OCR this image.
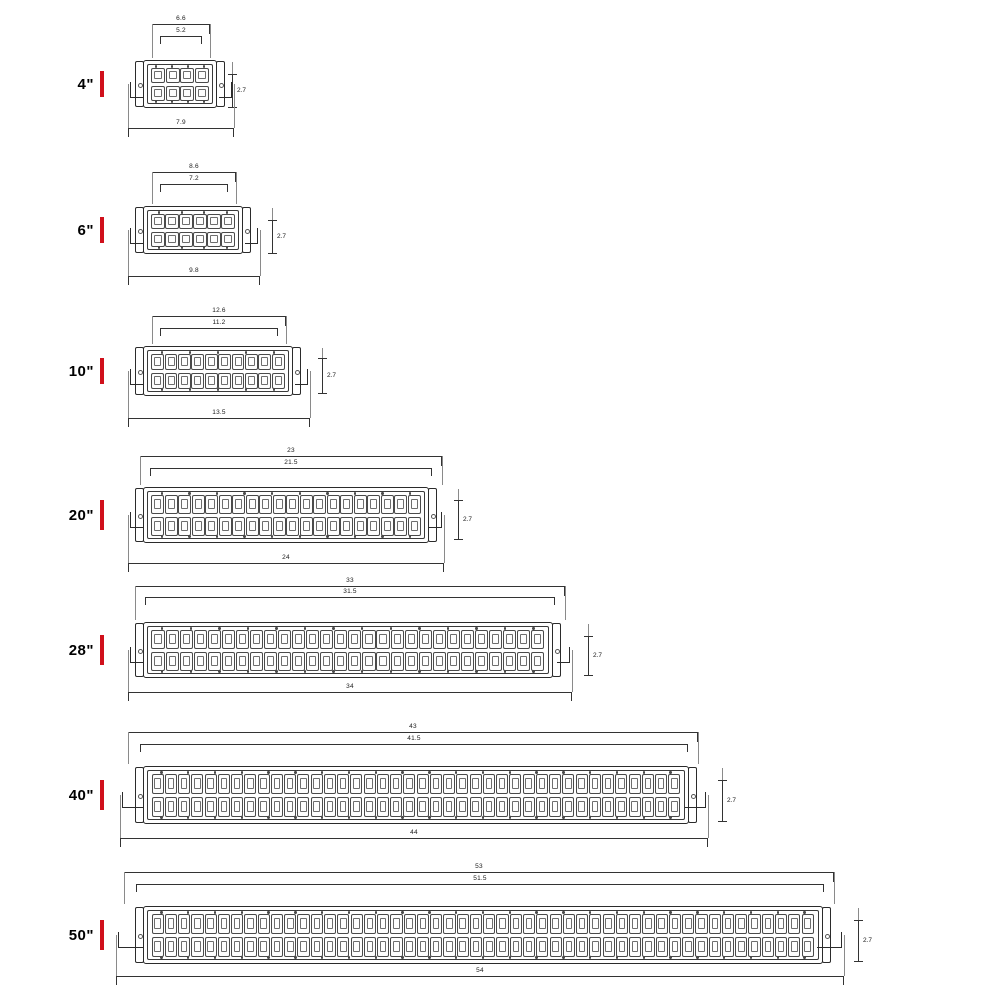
4"
6.6
5.2
7.9
2.7
6"
8.6
7.2
9.8
2.7
10"
12.6
11.2
13.5
2.7
20"
23
21.5
24
2.7
28"
33
31.5
34
2.7
40"
43
41.5
44
2.7
50"
53
51.5
54
2.7
